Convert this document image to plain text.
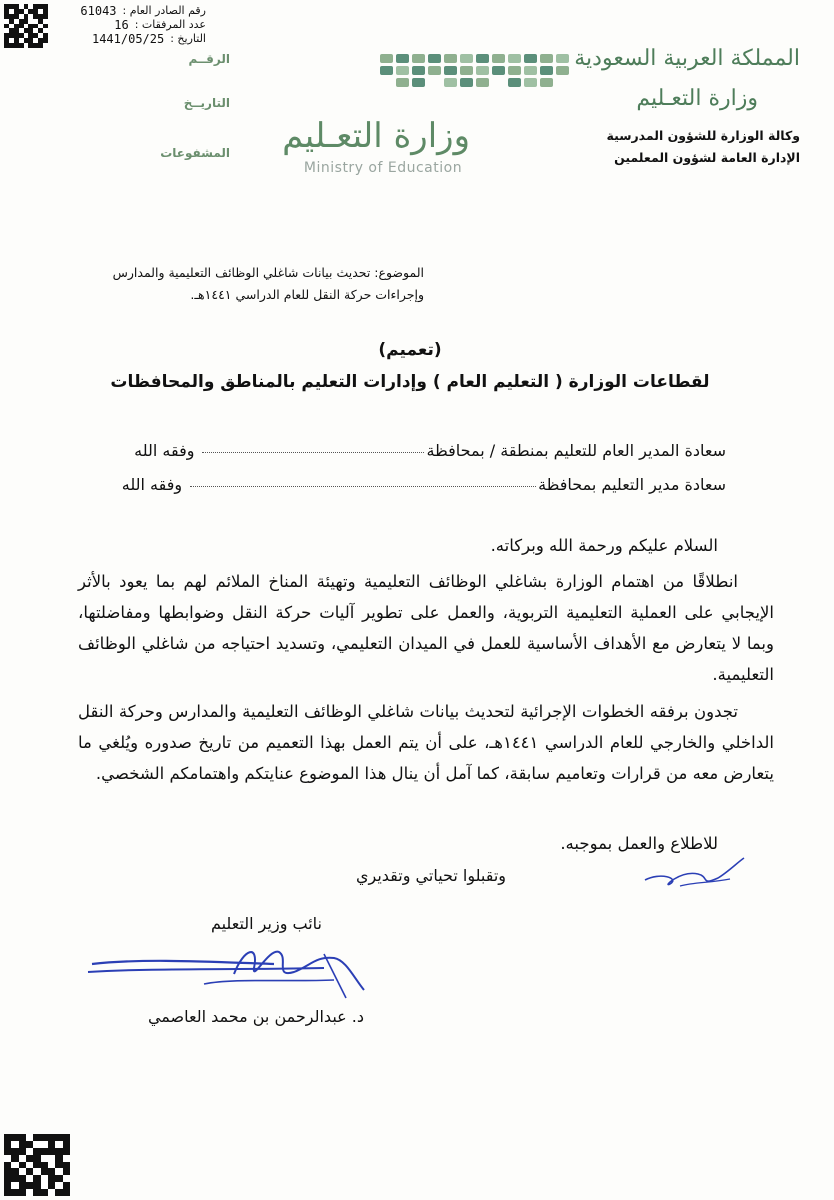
رقم الصادر العام :
61043
عدد المرفقات :
16
التاريخ :
1441/05/25
الرقــم
التاريــخ
المشفوعات وزارة التعـليم
Ministry of Education
المملكة العربية السعودية
وزارة التعـليم
وكالة الوزارة للشؤون المدرسية
الإدارة العامة لشؤون المعلمين
الموضوع: تحديث بيانات شاغلي الوظائف التعليمية والمدارس
وإجراءات حركة النقل للعام الدراسي ١٤٤١هـ.
(تعميم)
لقطاعات الوزارة ( التعليم العام ) وإدارات التعليم بالمناطق والمحافظات
سعادة المدير العام للتعليم بمنطقة / بمحافظة
وفقه الله
سعادة مدير التعليم بمحافظة
وفقه الله
السلام عليكم ورحمة الله وبركاته.
انطلاقًا من اهتمام الوزارة بشاغلي الوظائف التعليمية وتهيئة المناخ الملائم لهم بما يعود بالأثر الإيجابي على العملية التعليمية التربوية، والعمل على تطوير آليات حركة النقل وضوابطها ومفاضلتها، وبما لا يتعارض مع الأهداف الأساسية للعمل في الميدان التعليمي، وتسديد احتياجه من شاغلي الوظائف التعليمية.
تجدون برفقه الخطوات الإجرائية لتحديث بيانات شاغلي الوظائف التعليمية والمدارس وحركة النقل الداخلي والخارجي للعام الدراسي ١٤٤١هـ، على أن يتم العمل بهذا التعميم من تاريخ صدوره ويُلغي ما يتعارض معه من قرارات وتعاميم سابقة، كما آمل أن ينال هذا الموضوع عنايتكم واهتمامكم الشخصي.
للاطلاع والعمل بموجبه.
وتقبلوا تحياتي وتقديري
نائب وزير التعليم
د. عبدالرحمن بن محمد العاصمي
